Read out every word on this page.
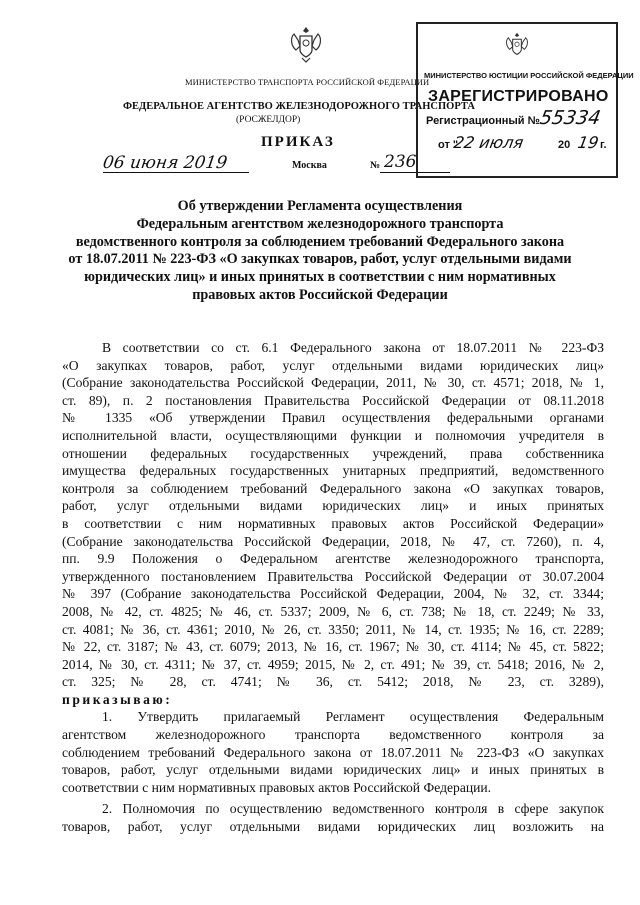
МИНИСТЕРСТВО ТРАНСПОРТА РОССИЙСКОЙ ФЕДЕРАЦИИ
ФЕДЕРАЛЬНОЕ АГЕНТСТВО ЖЕЛЕЗНОДОРОЖНОГО ТРАНСПОРТА
(РОСЖЕЛДОР)
ПРИКАЗ
06 июня 2019	Москва	№ 236
МИНИСТЕРСТВО ЮСТИЦИИ РОССИЙСКОЙ ФЕДЕРАЦИИ
ЗАРЕГИСТРИРОВАНО
Регистрационный №
55334
от "
22 июля	20 19 г.
Об утверждении Регламента осуществления
Федеральным агентством железнодорожного транспорта
ведомственного контроля за соблюдением требований Федерального закона
от 18.07.2011 № 223-ФЗ «О закупках товаров, работ, услуг отдельными видами
юридических лиц» и иных принятых в соответствии с ним нормативных
правовых актов Российской Федерации
В соответствии со ст. 6.1 Федерального закона от 18.07.2011 № 223-ФЗ
«О закупках товаров, работ, услуг отдельными видами юридических лиц»
(Собрание законодательства Российской Федерации, 2011, № 30, ст. 4571; 2018, № 1,
ст. 89), п. 2 постановления Правительства Российской Федерации от 08.11.2018
№ 1335 «Об утверждении Правил осуществления федеральными органами
исполнительной власти, осуществляющими функции и полномочия учредителя в
отношении федеральных государственных учреждений, права собственника
имущества федеральных государственных унитарных предприятий, ведомственного
контроля за соблюдением требований Федерального закона «О закупках товаров,
работ, услуг отдельными видами юридических лиц» и иных принятых
в соответствии с ним нормативных правовых актов Российской Федерации»
(Собрание законодательства Российской Федерации, 2018, № 47, ст. 7260), п. 4,
пп. 9.9 Положения о Федеральном агентстве железнодорожного транспорта,
утвержденного постановлением Правительства Российской Федерации от 30.07.2004
№ 397 (Собрание законодательства Российской Федерации, 2004, № 32, ст. 3344;
2008, № 42, ст. 4825; № 46, ст. 5337; 2009, № 6, ст. 738; № 18, ст. 2249; № 33,
ст. 4081; № 36, ст. 4361; 2010, № 26, ст. 3350; 2011, № 14, ст. 1935; № 16, ст. 2289;
№ 22, ст. 3187; № 43, ст. 6079; 2013, № 16, ст. 1967; № 30, ст. 4114; № 45, ст. 5822;
2014, № 30, ст. 4311; № 37, ст. 4959; 2015, № 2, ст. 491; № 39, ст. 5418; 2016, № 2,
ст. 325; № 28, ст. 4741; № 36, ст. 5412; 2018, № 23, ст. 3289),
приказываю:
1. Утвердить прилагаемый Регламент осуществления Федеральным
агентством железнодорожного транспорта ведомственного контроля за
соблюдением требований Федерального закона от 18.07.2011 № 223-ФЗ «О закупках
товаров, работ, услуг отдельными видами юридических лиц» и иных принятых в
соответствии с ним нормативных правовых актов Российской Федерации.
2. Полномочия по осуществлению ведомственного контроля в сфере закупок
товаров, работ, услуг отдельными видами юридических лиц возложить на
